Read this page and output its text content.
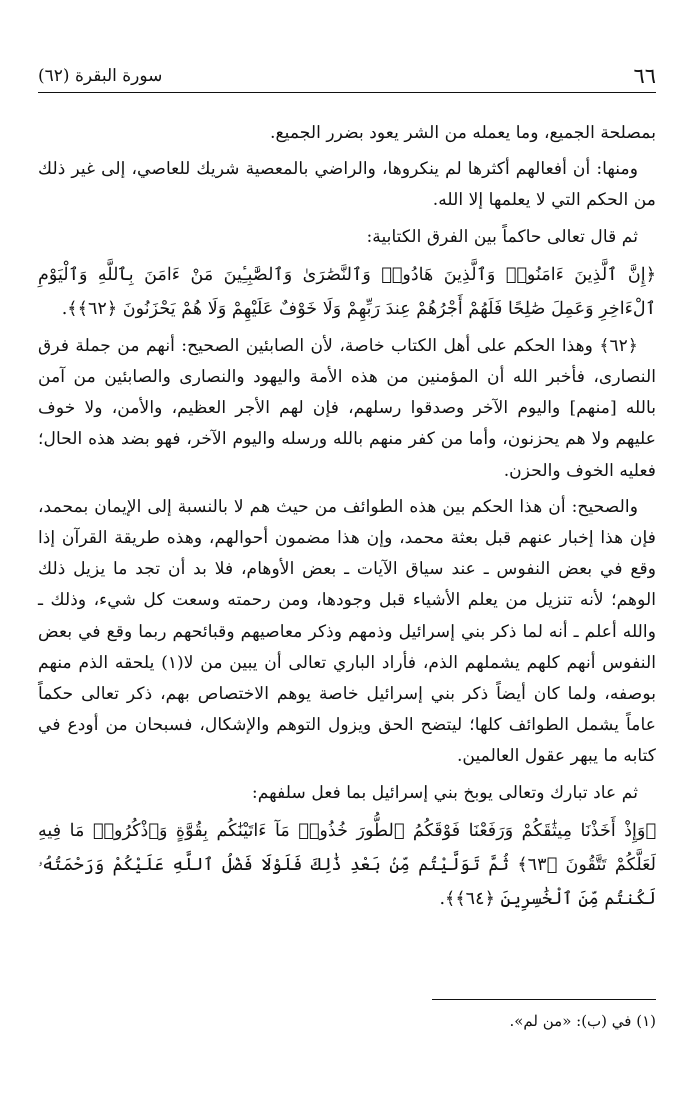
٦٦
سورة البقرة (٦٢)

بمصلحة الجميع، وما يعمله من الشر يعود بضرر الجميع.

ومنها: أن أفعالهم أكثرها لم ينكروها، والراضي بالمعصية شريك للعاصي، إلى غير ذلك من الحكم التي لا يعلمها إلا الله.

ثم قال تعالى حاكماً بين الفرق الكتابية:

﴿إِنَّ ٱلَّذِينَ ءَامَنُوا۟ وَٱلَّذِينَ هَادُوا۟ وَٱلنَّصَٰرَىٰ وَٱلصَّٰبِـِٔينَ مَنْ ءَامَنَ بِٱللَّهِ وَٱلْيَوْمِ ٱلْءَاخِرِ وَعَمِلَ صَٰلِحًا فَلَهُمْ أَجْرُهُمْ عِندَ رَبِّهِمْ وَلَا خَوْفٌ عَلَيْهِمْ وَلَا هُمْ يَحْزَنُونَ ﴿٦٢﴾﴾.

﴿٦٢﴾ وهذا الحكم على أهل الكتاب خاصة، لأن الصابئين الصحيح: أنهم من جملة فرق النصارى، فأخبر الله أن المؤمنين من هذه الأمة واليهود والنصارى والصابئين من آمن بالله [منهم] واليوم الآخر وصدقوا رسلهم، فإن لهم الأجر العظيم، والأمن، ولا خوف عليهم ولا هم يحزنون، وأما من كفر منهم بالله ورسله واليوم الآخر، فهو بضد هذه الحال؛ فعليه الخوف والحزن.

والصحيح: أن هذا الحكم بين هذه الطوائف من حيث هم لا بالنسبة إلى الإيمان بمحمد، فإن هذا إخبار عنهم قبل بعثة محمد، وإن هذا مضمون أحوالهم، وهذه طريقة القرآن إذا وقع في بعض النفوس ـ عند سياق الآيات ـ بعض الأوهام، فلا بد أن تجد ما يزيل ذلك الوهم؛ لأنه تنزيل من يعلم الأشياء قبل وجودها، ومن رحمته وسعت كل شيء، وذلك ـ والله أعلم ـ أنه لما ذكر بني إسرائيل وذمهم وذكر معاصيهم وقبائحهم ربما وقع في بعض النفوس أنهم كلهم يشملهم الذم، فأراد الباري تعالى أن يبين من لا(١) يلحقه الذم منهم بوصفه، ولما كان أيضاً ذكر بني إسرائيل خاصة يوهم الاختصاص بهم، ذكر تعالى حكماً عاماً يشمل الطوائف كلها؛ ليتضح الحق ويزول التوهم والإشكال، فسبحان من أودع في كتابه ما يبهر عقول العالمين.

ثم عاد تبارك وتعالى يوبخ بني إسرائيل بما فعل سلفهم:

﴿وَإِذْ أَخَذْنَا مِيثَٰقَكُمْ وَرَفَعْنَا فَوْقَكُمُ ٱلطُّورَ خُذُوا۟ مَآ ءَاتَيْنَٰكُم بِقُوَّةٍ وَٱذْكُرُوا۟ مَا فِيهِ لَعَلَّكُمْ تَتَّقُونَ ﴿٦٣﴾ ثُمَّ تَوَلَّيْتُم مِّنۢ بَعْدِ ذَٰلِكَ فَلَوْلَا فَضْلُ ٱللَّهِ عَلَيْكُمْ وَرَحْمَتُهُۥ لَكُنتُم مِّنَ ٱلْخَٰسِرِينَ ﴿٦٤﴾﴾.

(١) في (ب): «من لم».
